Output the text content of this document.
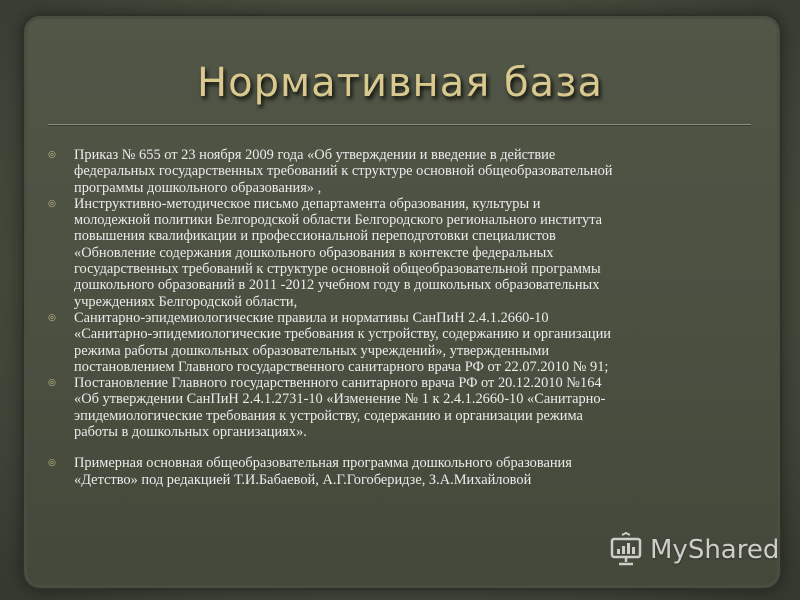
Нормативная база
◎ Приказ № 655 от 23 ноября 2009 года «Об утверждении и введение в действие
федеральных государственных требований к структуре основной общеобразовательной
программы дошкольного образования» ,
◎ Инструктивно-методическое письмо департамента образования, культуры и
молодежной политики Белгородской области Белгородского регионального института
повышения квалификации и профессиональной переподготовки специалистов
«Обновление содержания дошкольного образования в контексте федеральных
государственных требований к структуре основной общеобразовательной программы
дошкольного образований в 2011 -2012 учебном году в дошкольных образовательных
учреждениях Белгородской области,
◎ Санитарно-эпидемиологические правила и нормативы СанПиН 2.4.1.2660-10
«Санитарно-эпидемиологические требования к устройству, содержанию и организации
режима работы дошкольных образовательных учреждений», утвержденными
постановлением Главного государственного санитарного врача РФ от 22.07.2010 № 91;
◎ Постановление Главного государственного санитарного врача РФ от 20.12.2010 №164
«Об утверждении СанПиН 2.4.1.2731-10 «Изменение № 1 к 2.4.1.2660-10 «Санитарно-
эпидемиологические требования к устройству, содержанию и организации режима
работы в дошкольных организациях».
◎ Примерная основная общеобразовательная программа дошкольного образования
«Детство» под редакцией Т.И.Бабаевой, А.Г.Гогоберидзе, З.А.Михайловой
MyShared
